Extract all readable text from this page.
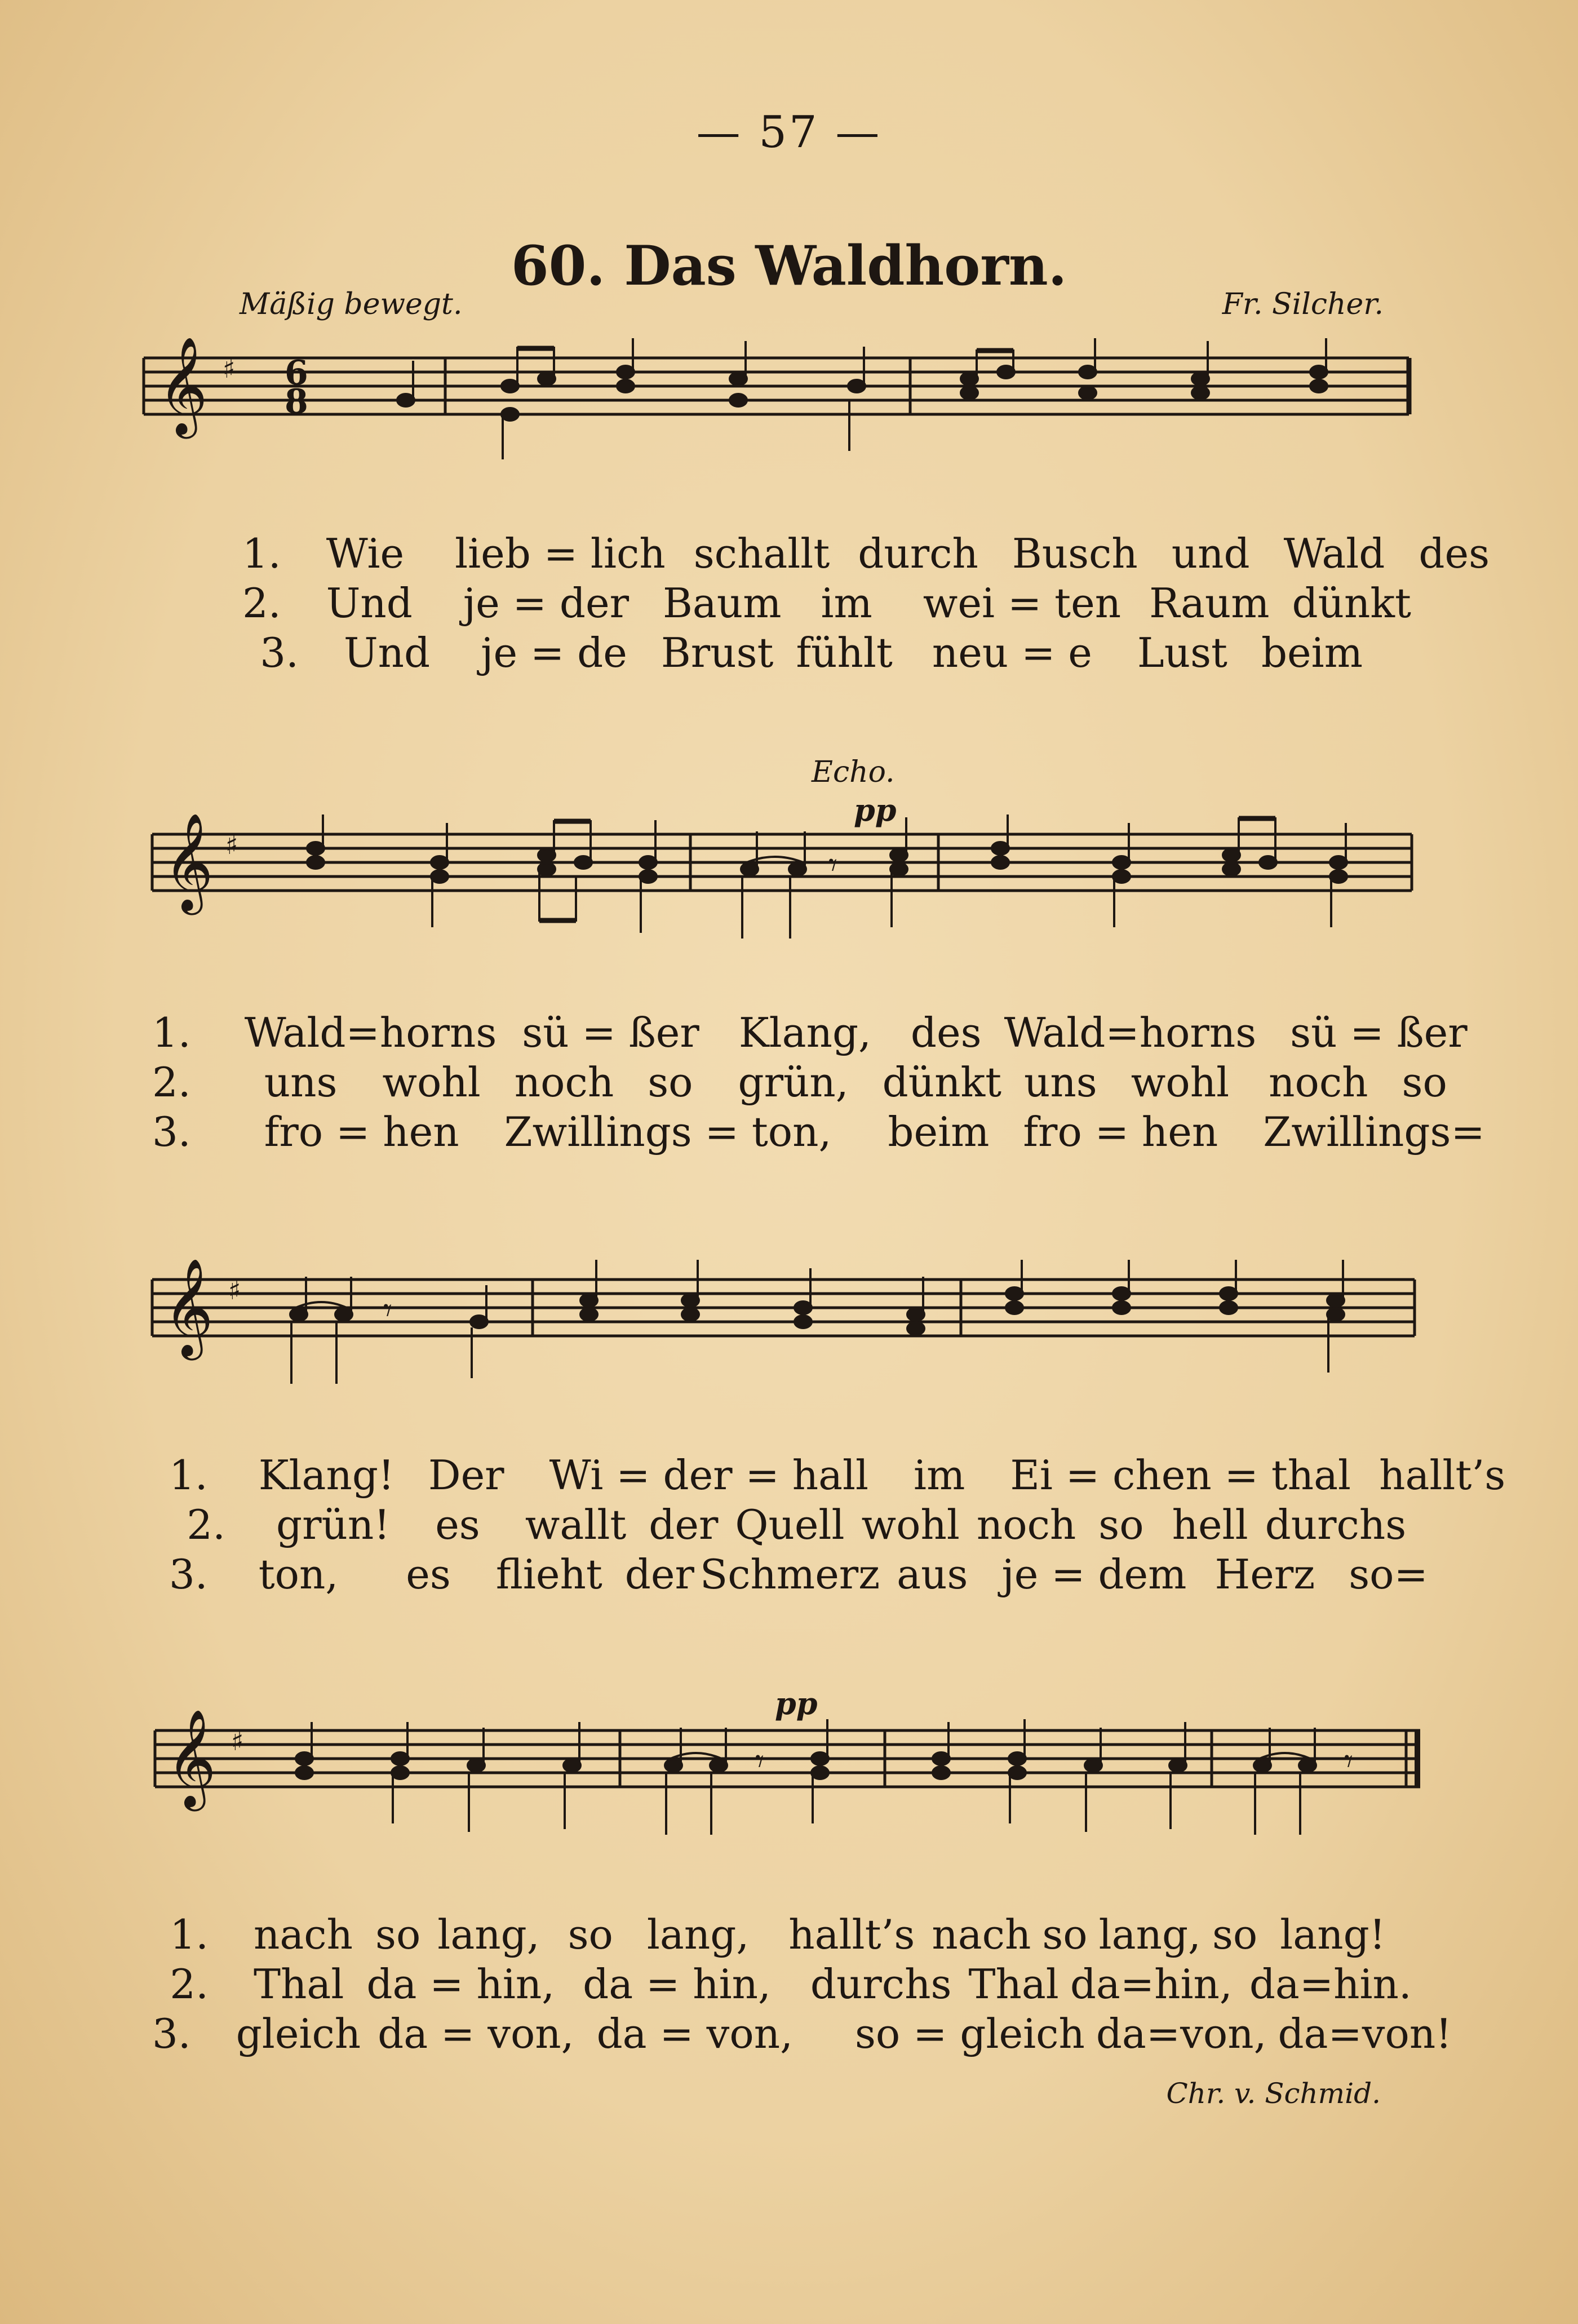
— 57 —
60. Das Waldhorn.
Mäßig bewegt.	Fr. Silcher.
𝄞 ♯ 6
8
1. Wie lieb = lich schallt durch Busch und Wald des
2. Und je = der Baum im wei = ten Raum dünkt
3. Und je = de Brust fühlt neu = e Lust beim
Echo.
pp
𝄞 ♯
𝄾
1. Wald=horns sü = ßer Klang, des Wald=horns sü = ßer
2. uns wohl noch so grün, dünkt uns wohl noch so
3. fro = hen Zwillings = ton, beim fro = hen Zwillings=
𝄞 ♯
𝄾
1. Klang! Der Wi = der = hall im Ei = chen = thal hallt’s
2. grün! es wallt der Quell wohl noch so hell durchs
3. ton, es flieht der Schmerz aus je = dem Herz so=
pp
𝄞 ♯
𝄾	𝄾
1. nach so lang, so lang, hallt’s nach so lang, so lang!
2. Thal da = hin, da = hin, durchs Thal da=hin, da=hin.
3. gleich da = von, da = von, so = gleich da=von, da=von!
Chr. v. Schmid.
